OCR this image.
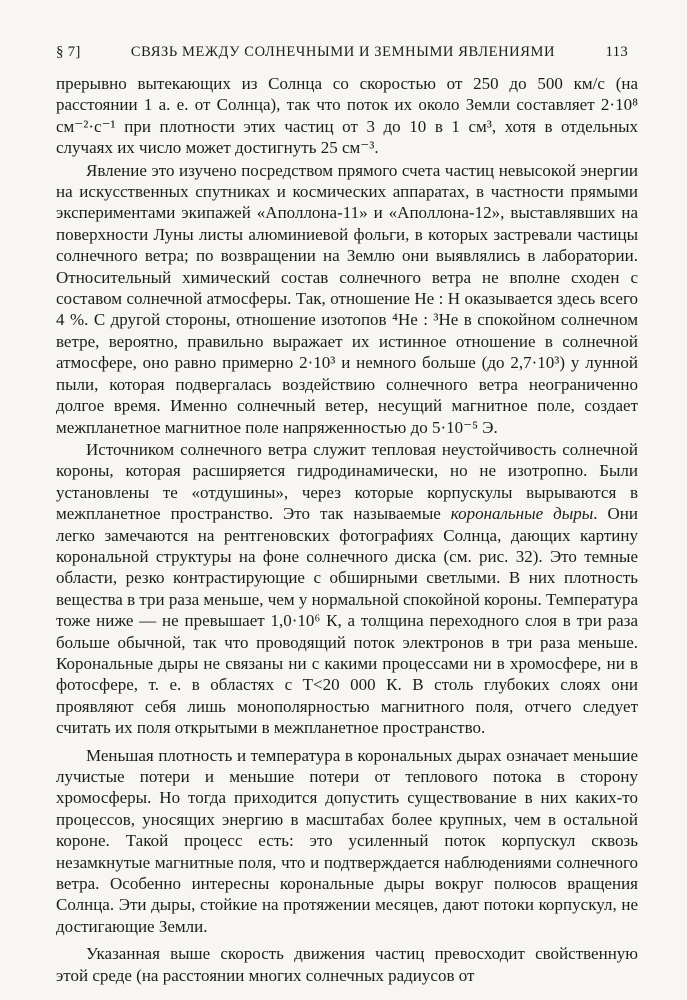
§ 7]	СВЯЗЬ МЕЖДУ СОЛНЕЧНЫМИ И ЗЕМНЫМИ ЯВЛЕНИЯМИ	113

прерывно вытекающих из Солнца со скоростью от 250 до 500 км/с (на расстоянии 1 а. е. от Солнца), так что поток их около Земли составляет 2·10⁸ см⁻²·с⁻¹ при плотности этих частиц от 3 до 10 в 1 см³, хотя в отдельных случаях их число может достигнуть 25 см⁻³.

Явление это изучено посредством прямого счета частиц невысокой энергии на искусственных спутниках и космических аппаратах, в частности прямыми экспериментами экипажей «Аполлона-11» и «Аполлона-12», выставлявших на поверхности Луны листы алюминиевой фольги, в которых застревали частицы солнечного ветра; по возвращении на Землю они выявлялись в лаборатории. Относительный химический состав солнечного ветра не вполне сходен с составом солнечной атмосферы. Так, отношение He : H оказывается здесь всего 4 %. С другой стороны, отношение изотопов ⁴He : ³He в спокойном солнечном ветре, вероятно, правильно выражает их истинное отношение в солнечной атмосфере, оно равно примерно 2·10³ и немного больше (до 2,7·10³) у лунной пыли, которая подвергалась воздействию солнечного ветра неограниченно долгое время. Именно солнечный ветер, несущий магнитное поле, создает межпланетное магнитное поле напряженностью до 5·10⁻⁵ Э.

Источником солнечного ветра служит тепловая неустойчивость солнечной короны, которая расширяется гидродинамически, но не изотропно. Были установлены те «отдушины», через которые корпускулы вырываются в межпланетное пространство. Это так называемые корональные дыры. Они легко замечаются на рентгеновских фотографиях Солнца, дающих картину корональной структуры на фоне солнечного диска (см. рис. 32). Это темные области, резко контрастирующие с обширными светлыми. В них плотность вещества в три раза меньше, чем у нормальной спокойной короны. Температура тоже ниже — не превышает 1,0·10⁶ К, а толщина переходного слоя в три раза больше обычной, так что проводящий поток электронов в три раза меньше. Корональные дыры не связаны ни с какими процессами ни в хромосфере, ни в фотосфере, т. е. в областях с T<20 000 К. В столь глубоких слоях они проявляют себя лишь монополярностью магнитного поля, отчего следует считать их поля открытыми в межпланетное пространство.

Меньшая плотность и температура в корональных дырах означает меньшие лучистые потери и меньшие потери от теплового потока в сторону хромосферы. Но тогда приходится допустить существование в них каких-то процессов, уносящих энергию в масштабах более крупных, чем в остальной короне. Такой процесс есть: это усиленный поток корпускул сквозь незамкнутые магнитные поля, что и подтверждается наблюдениями солнечного ветра. Особенно интересны корональные дыры вокруг полюсов вращения Солнца. Эти дыры, стойкие на протяжении месяцев, дают потоки корпускул, не достигающие Земли.

Указанная выше скорость движения частиц превосходит свойственную этой среде (на расстоянии многих солнечных радиусов от
